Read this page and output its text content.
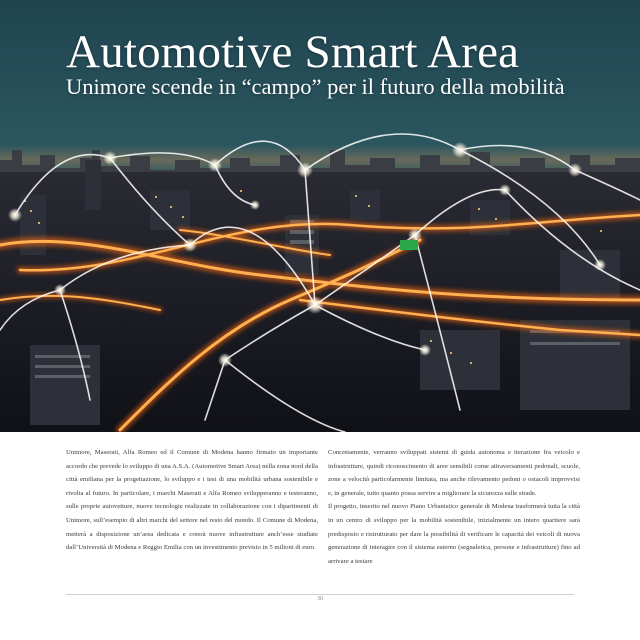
Automotive Smart Area
Unimore scende in “campo” per il futuro della mobilità

Unimore, Maserati, Alfa Romeo ed il Comune di Modena hanno firmato un importante accordo che prevede lo sviluppo di una A.S.A. (Automotive Smart Area) nella zona nord della città emiliana per la progettazione, lo sviluppo e i test di una mobilità urbana sostenibile e rivolta al futuro. In particolare, i marchi Maserati e Alfa Romeo svilupperanno e testeranno, sulle proprie autovetture, nuove tecnologie realizzate in collaborazione con i dipartimenti di Unimore, sull’esempio di altri marchi del settore nel resto del mondo. Il Comune di Modena, metterà a disposizione un’area dedicata e creerà nuove infrastrutture anch’esse studiate dall’Università di Modena e Reggio Emilia con un investimento previsto in 5 milioni di euro.

Concretamente, verranno sviluppati sistemi di guida autonoma e iterazione fra veicolo e infrastrutture, quindi riconoscimento di aree sensibili come attraversamenti pedonali, scuole, zone a velocità particolarmente limitata, ma anche rilevamento pedoni o ostacoli improvvisi e, in generale, tutto quanto possa servire a migliorare la sicurezza sulle strade.

Il progetto, inserito nel nuovo Piano Urbanistico generale di Modena trasformerà tutta la città in un centro di sviluppo per la mobilità sostenibile, inizialmente un intero quartiere sarà predisposto e ristrutturato per dare la possibilità di verificare le capacità dei veicoli di nuova generazione di interagire con il sistema esterno (segnaletica, persone e infrastrutture) fino ad arrivare a testare

30
